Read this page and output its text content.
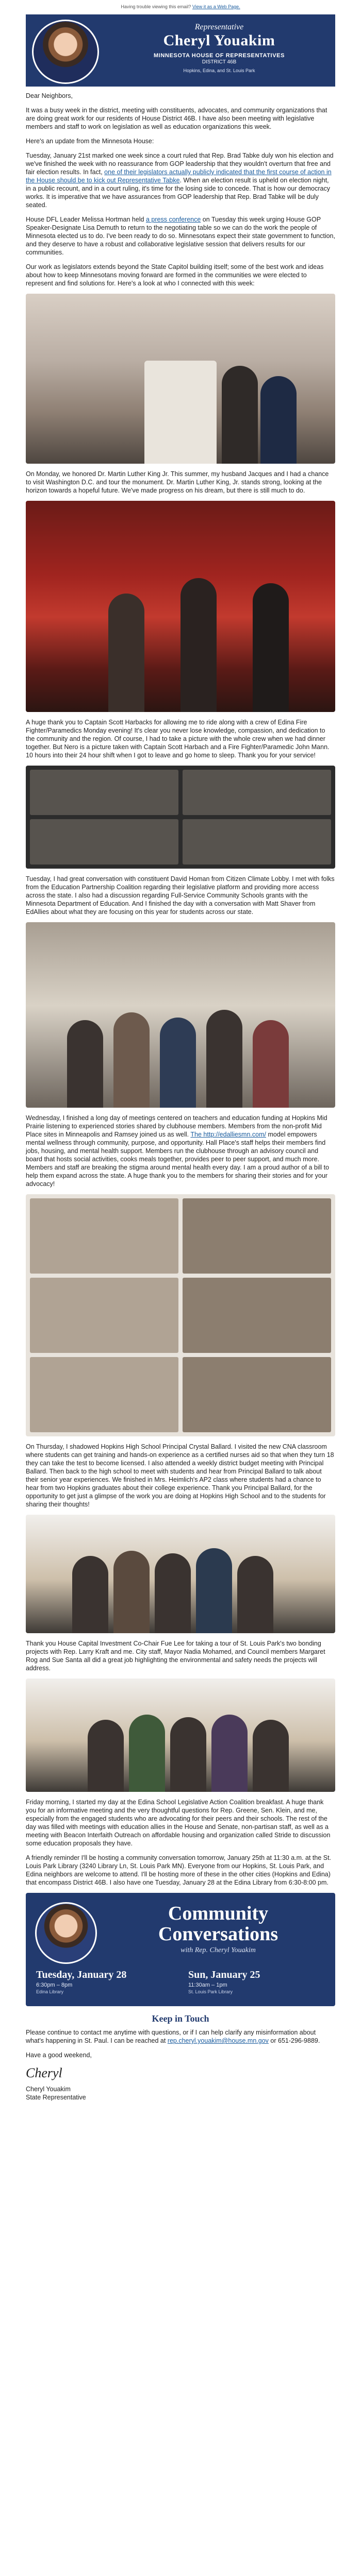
Having trouble viewing this email? View it as a Web Page.
Representative
Cheryl Youakim
MINNESOTA HOUSE OF REPRESENTATIVES
DISTRICT 46B
Hopkins, Edina, and St. Louis Park

Dear Neighbors,

It was a busy week in the district, meeting with constituents, advocates, and community organizations that are doing great work for our residents of House District 46B. I have also been meeting with legislative members and staff to work on legislation as well as education organizations this week.

Here's an update from the Minnesota House:

Tuesday, January 21st marked one week since a court ruled that Rep. Brad Tabke duly won his election and we've finished the week with no reassurance from GOP leadership that they wouldn't overturn that free and fair election results. In fact, one of their legislators actually publicly indicated that the first course of action in the House should be to kick out Representative Tabke. When an election result is upheld on election night, in a public recount, and in a court ruling, it's time for the losing side to concede. That is how our democracy works. It is imperative that we have assurances from GOP leadership that Rep. Brad Tabke will be duly seated.

House DFL Leader Melissa Hortman held a press conference on Tuesday this week urging House GOP Speaker-Designate Lisa Demuth to return to the negotiating table so we can do the work the people of Minnesota elected us to do. I've been ready to do so. Minnesotans expect their state government to function, and they deserve to have a robust and collaborative legislative session that delivers results for our communities.

Our work as legislators extends beyond the State Capitol building itself; some of the best work and ideas about how to keep Minnesotans moving forward are formed in the communities we were elected to represent and find solutions for. Here's a look at who I connected with this week:

On Monday, we honored Dr. Martin Luther King Jr. This summer, my husband Jacques and I had a chance to visit Washington D.C. and tour the monument. Dr. Martin Luther King, Jr. stands strong, looking at the horizon towards a hopeful future. We've made progress on his dream, but there is still much to do.

A huge thank you to Captain Scott Harbacks for allowing me to ride along with a crew of Edina Fire Fighter/Paramedics Monday evening! It's clear you never lose knowledge, compassion, and dedication to the community and the region. Of course, I had to take a picture with the whole crew when we had dinner together. But Nero is a picture taken with Captain Scott Harbach and a Fire Fighter/Paramedic John Mann. 10 hours into their 24 hour shift when I got to leave and go home to sleep. Thank you for your service!

Tuesday, I had great conversation with constituent David Homan from Citizen Climate Lobby. I met with folks from the Education Partnership Coalition regarding their legislative platform and providing more access across the state. I also had a discussion regarding Full-Service Community Schools grants with the Minnesota Department of Education. And I finished the day with a conversation with Matt Shaver from EdAllies about what they are focusing on this year for students across our state.

Wednesday, I finished a long day of meetings centered on teachers and education funding at Hopkins Mid Prairie listening to experienced stories shared by clubhouse members. Members from the non-profit Mid Place sites in Minneapolis and Ramsey joined us as well. The http://edalliesmn.com/ model empowers mental wellness through community, purpose, and opportunity. Hall Place's staff helps their members find jobs, housing, and mental health support. Members run the clubhouse through an advisory council and board that hosts social activities, cooks meals together, provides peer to peer support, and much more. Members and staff are breaking the stigma around mental health every day. I am a proud author of a bill to help them expand across the state. A huge thank you to the members for sharing their stories and for your advocacy!

On Thursday, I shadowed Hopkins High School Principal Crystal Ballard. I visited the new CNA classroom where students can get training and hands-on experience as a certified nurses aid so that when they turn 18 they can take the test to become licensed. I also attended a weekly district budget meeting with Principal Ballard. Then back to the high school to meet with students and hear from Principal Ballard to talk about their senior year experiences. We finished in Mrs. Heimlich's AP2 class where students had a chance to hear from two Hopkins graduates about their college experience. Thank you Principal Ballard, for the opportunity to get just a glimpse of the work you are doing at Hopkins High School and to the students for sharing their thoughts!

Thank you House Capital Investment Co-Chair Fue Lee for taking a tour of St. Louis Park's two bonding projects with Rep. Larry Kraft and me. City staff, Mayor Nadia Mohamed, and Council members Margaret Rog and Sue Santa all did a great job highlighting the environmental and safety needs the projects will address.

Friday morning, I started my day at the Edina School Legislative Action Coalition breakfast. A huge thank you for an informative meeting and the very thoughtful questions for Rep. Greene, Sen. Klein, and me, especially from the engaged students who are advocating for their peers and their schools. The rest of the day was filled with meetings with education allies in the House and Senate, non-partisan staff, as well as a meeting with Beacon Interfaith Outreach on affordable housing and organization called Stride to discussion some education proposals they have.

A friendly reminder I'll be hosting a community conversation tomorrow, January 25th at 11:30 a.m. at the St. Louis Park Library (3240 Library Ln, St. Louis Park MN). Everyone from our Hopkins, St. Louis Park, and Edina neighbors are welcome to attend. I'll be hosting more of these in the other cities (Hopkins and Edina) that encompass District 46B. I also have one Tuesday, January 28 at the Edina Library from 6:30-8:00 pm.

Community Conversations
with Rep. Cheryl Youakim
Tuesday, January 28
6:30pm – 8pm
Edina Library
Sun, January 25
11:30am – 1pm
St. Louis Park Library
Keep in Touch

Please continue to contact me anytime with questions, or if I can help clarify any misinformation about what's happening in St. Paul. I can be reached at rep.cheryl.youakim@house.mn.gov or 651-296-9889.

Have a good weekend,

Cheryl

Cheryl Youakim

State Representative
